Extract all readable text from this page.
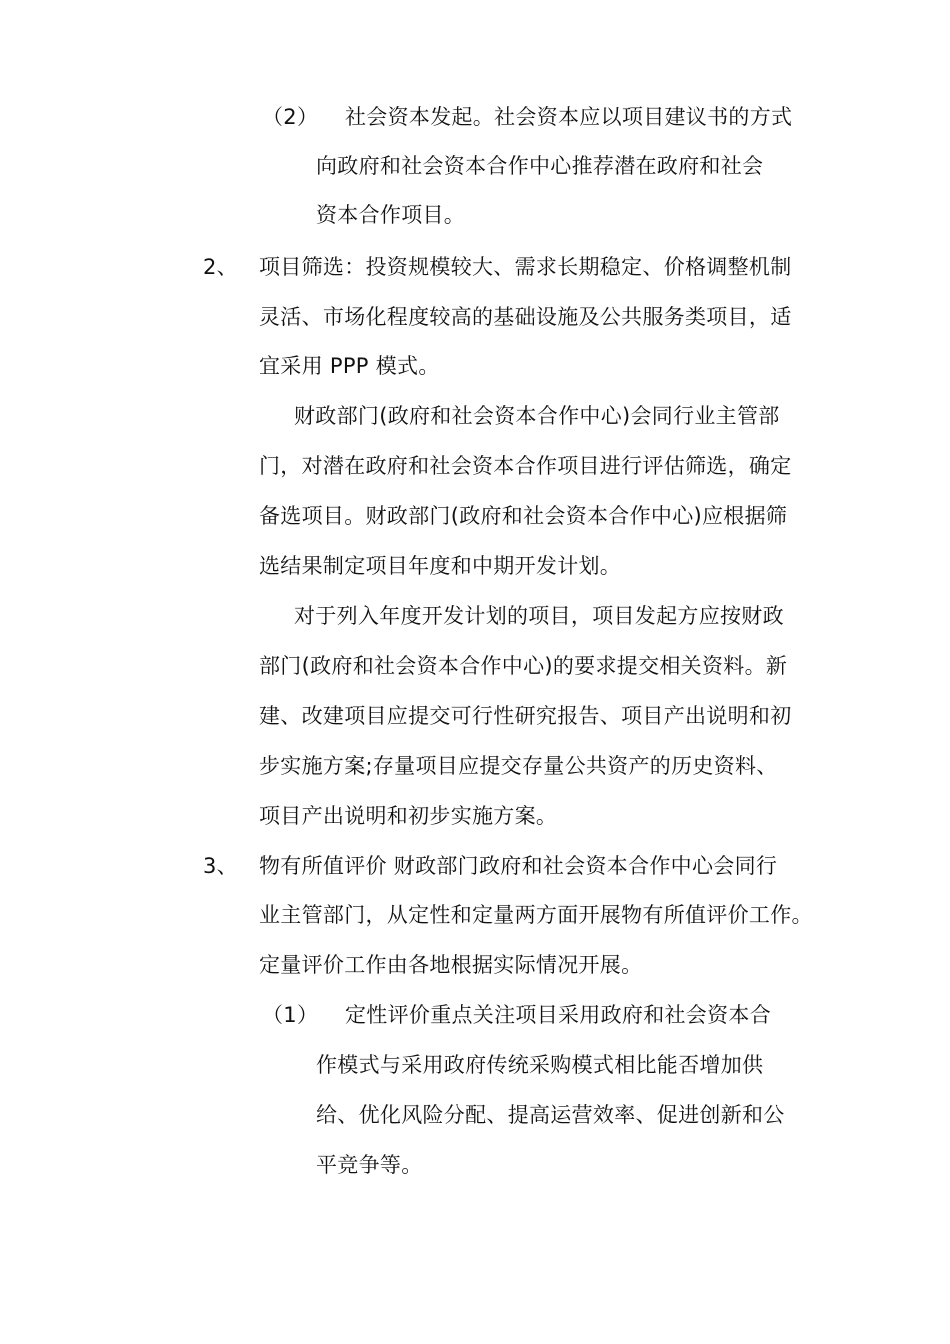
（2） 社会资本发起。社会资本应以项目建议书的方式
向政府和社会资本合作中心推荐潜在政府和社会
资本合作项目。
2、 项目筛选：投资规模较大、需求长期稳定、价格调整机制
灵活、市场化程度较高的基础设施及公共服务类项目，适
宜采用 PPP 模式。
财政部门(政府和社会资本合作中心)会同行业主管部
门，对潜在政府和社会资本合作项目进行评估筛选，确定
备选项目。财政部门(政府和社会资本合作中心)应根据筛
选结果制定项目年度和中期开发计划。
对于列入年度开发计划的项目，项目发起方应按财政
部门(政府和社会资本合作中心)的要求提交相关资料。新
建、改建项目应提交可行性研究报告、项目产出说明和初
步实施方案;存量项目应提交存量公共资产的历史资料、
项目产出说明和初步实施方案。
3、 物有所值评价 财政部门政府和社会资本合作中心会同行
业主管部门，从定性和定量两方面开展物有所值评价工作。
定量评价工作由各地根据实际情况开展。
（1） 定性评价重点关注项目采用政府和社会资本合
作模式与采用政府传统采购模式相比能否增加供
给、优化风险分配、提高运营效率、促进创新和公
平竞争等。
